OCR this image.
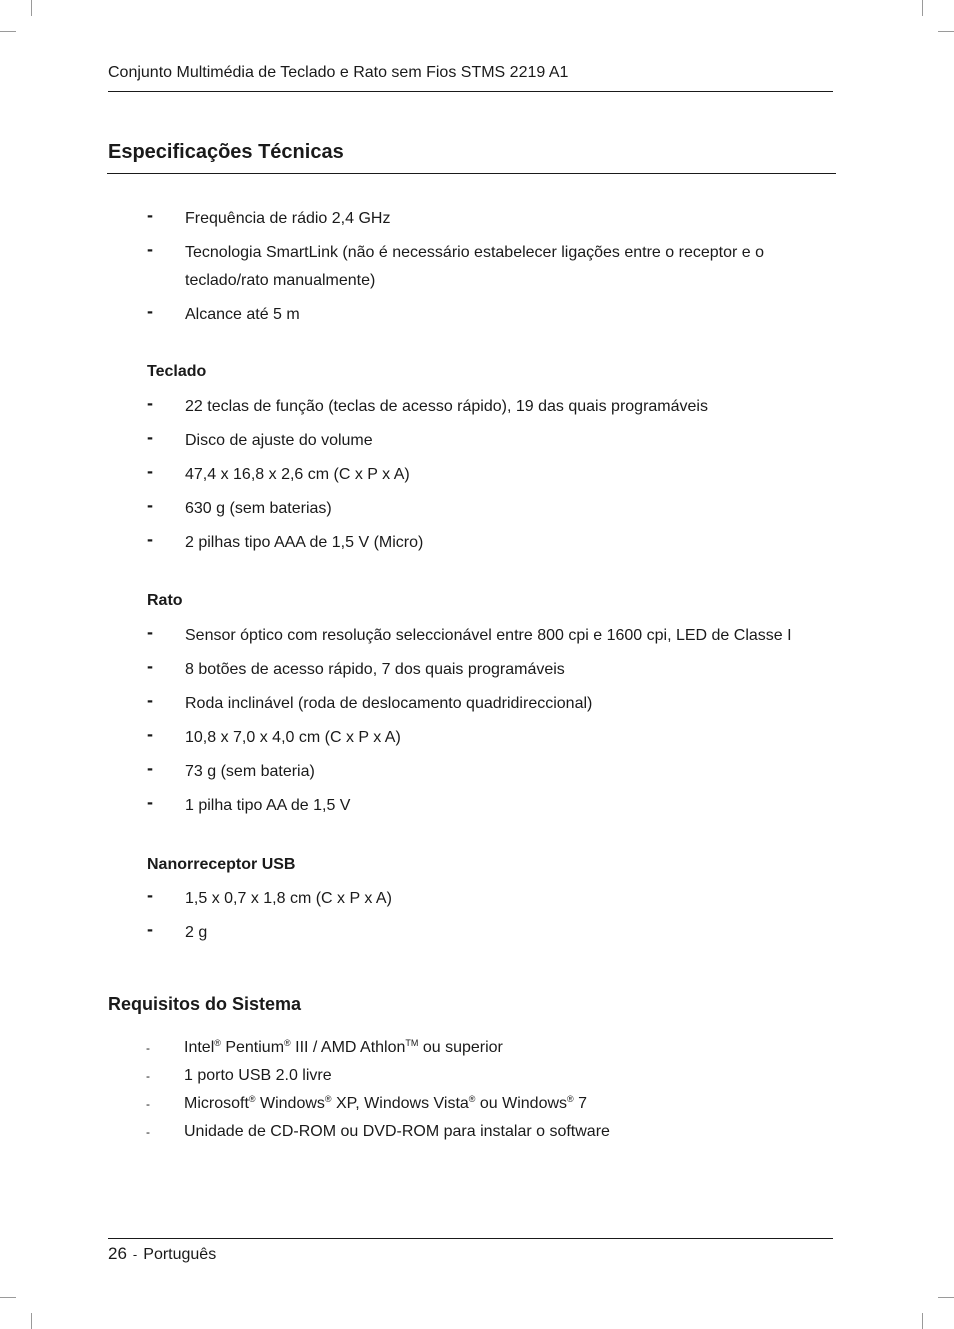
Conjunto Multimédia de Teclado e Rato sem Fios STMS 2219 A1
Especificações Técnicas
- Frequência de rádio 2,4 GHz
- Tecnologia SmartLink (não é necessário estabelecer ligações entre o receptor e o teclado/rato manualmente)
- Alcance até 5 m
Teclado
- 22 teclas de função (teclas de acesso rápido), 19 das quais programáveis
- Disco de ajuste do volume
- 47,4 x 16,8 x 2,6 cm (C x P x A)
- 630 g (sem baterias)
- 2 pilhas tipo AAA de 1,5 V (Micro)
Rato
- Sensor óptico com resolução seleccionável entre 800 cpi e 1600 cpi, LED de Classe I
- 8 botões de acesso rápido, 7 dos quais programáveis
- Roda inclinável (roda de deslocamento quadridireccional)
- 10,8 x 7,0 x 4,0 cm (C x P x A)
- 73 g (sem bateria)
- 1 pilha tipo AA de 1,5 V
Nanorreceptor USB
- 1,5 x 0,7 x 1,8 cm (C x P x A)
- 2 g
Requisitos do Sistema
- Intel® Pentium® III / AMD Athlon™ ou superior
- 1 porto USB 2.0 livre
- Microsoft® Windows® XP, Windows Vista® ou Windows® 7
- Unidade de CD-ROM ou DVD-ROM para instalar o software
26 - Português
